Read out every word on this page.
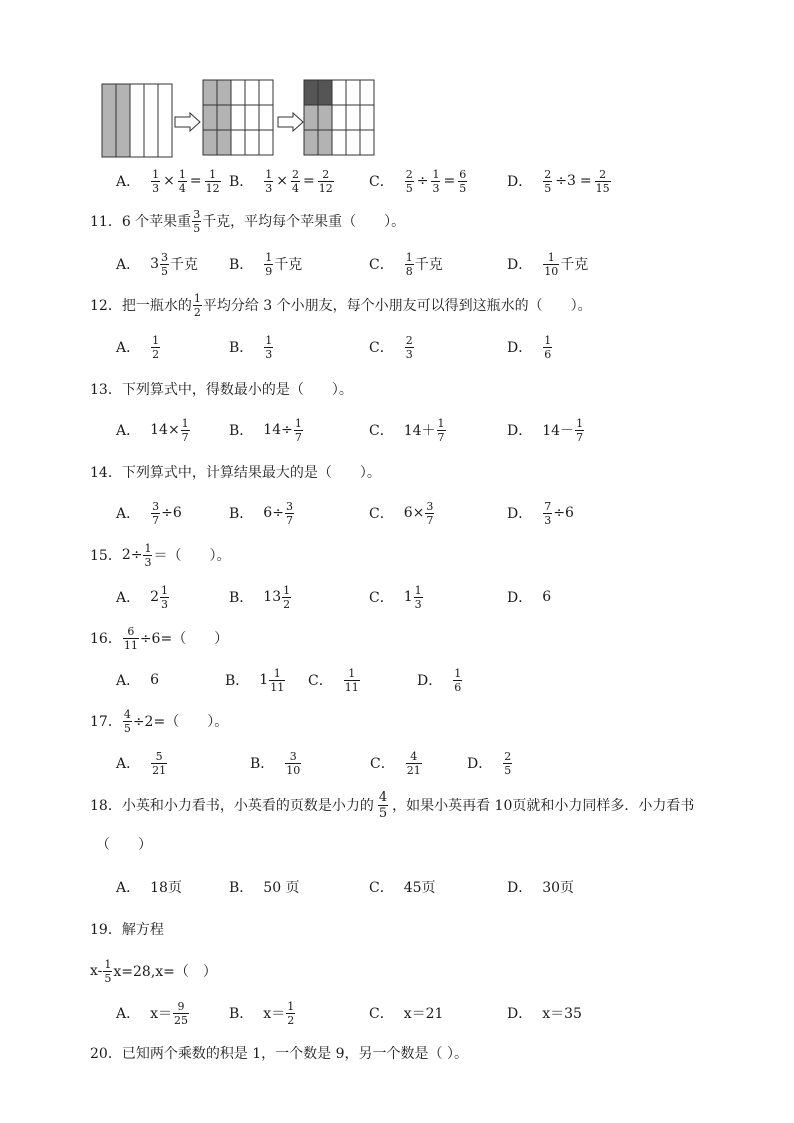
A． $\frac{1}{3} \times \frac{1}{4} = \frac{1}{12}$ B． $\frac{1}{3} \times \frac{2}{4} = \frac{2}{12}$	C． $\frac{2}{5} \div \frac{1}{3} = \frac{6}{5}$	D． $\frac{2}{5} \div 3 = \frac{2}{15}$
11． 6 个苹果重 $\frac{3}{5}$ 千克，平均每个苹果重（　　）。
A． $3 \frac{3}{5}$ 千克 B． $\frac{1}{9}$ 千克	C． $\frac{1}{8}$ 千克	D． $\frac{1}{10}$ 千克
12． 把一瓶水的 $\frac{1}{2}$ 平均分给 3 个小朋友，每个小朋友可以得到这瓶水的（　　）。
A． $\frac{1}{2}$	B． $\frac{1}{3}$	C． $\frac{2}{3}$	D． $\frac{1}{6}$
13． 下列算式中，得数最小的是（　　）。
A． $14\times \frac{1}{7}$	B． $14\div \frac{1}{7}$	C． $14+ \frac{1}{7}$	D． $14- \frac{1}{7}$
14． 下列算式中，计算结果最大的是（　　）。
A． $\frac{3}{7} \div 6$	B． $6\div \frac{3}{7}$	C． $6\times \frac{3}{7}$	D． $\frac{7}{3} \div 6$
15． $2\div \frac{1}{3}$ ＝（　　）。
A． $2 \frac{1}{3}$	B． $13 \frac{1}{2}$	C． $1 \frac{1}{3}$	D． 6
16． $\frac{6}{11} \div 6=$（　　）
A． 6	B． $1 \frac{1}{11}$ C． $\frac{1}{11}$	D． $\frac{1}{6}$
17． $\frac{4}{5} \div 2=$（　　）。
A． $\frac{5}{21}$	B． $\frac{3}{10}$	C． $\frac{4}{21}$	D． $\frac{2}{5}$
18． 小英和小力看书，小英看的页数是小力的 $\frac{4}{5}$ ，如果小英再看 10页就和小力同样多．小力看书
（　　）
A． 18页	B． 50 页	C． 45页	D． 30页
19． 解方程
$x- \frac{1}{5} x=28,x=$（　）
A． $x= \frac{9}{25}$	B． $x= \frac{1}{2}$	C． x＝21	D． x＝35
20． 已知两个乘数的积是 1，一个数是 9，另一个数是（ ）。
